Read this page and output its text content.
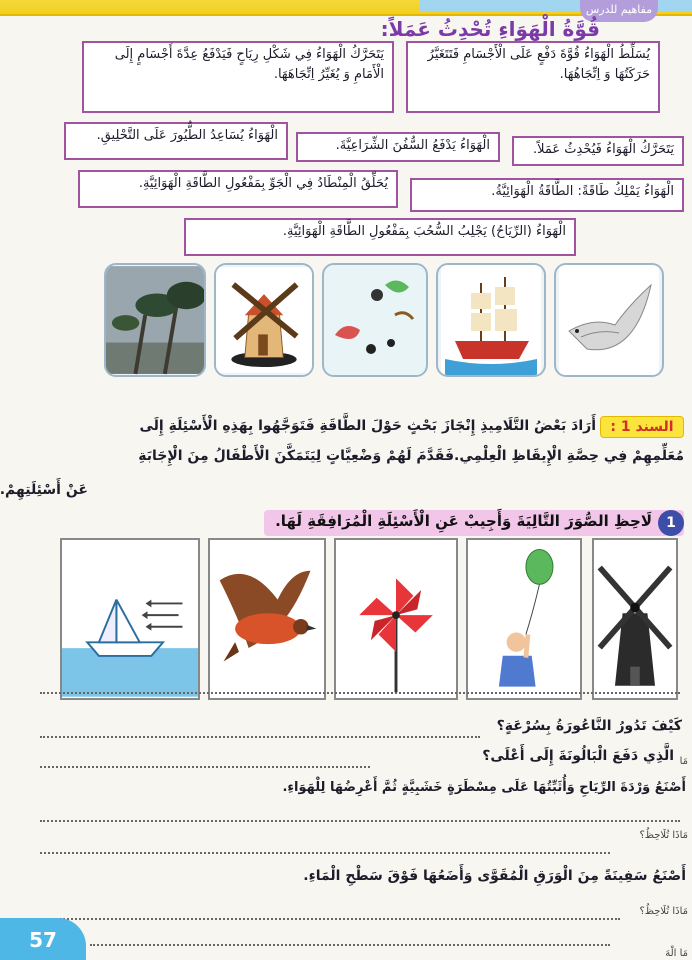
مفاهيم للدرس
قُوَّةُ الْهَوَاءِ تُحْدِثُ عَمَلاً:
يُسَلِّطُ الْهَوَاءُ قُوَّةَ دَفْعٍ عَلَى الْأَجْسَامِ فَتَتَغَيَّرُ حَرَكَتُهَا وَ اِتِّجَاهُهَا.
يَتَحَرَّكُ الْهَوَاءُ فِي شَكْلِ رِيَاحٍ فَيَدْفَعُ عِدَّةَ أَجْسَامٍ إِلَى الْأَمَامِ وَ يُغَيِّرُ اِتِّجَاهَهَا.
يَتَحَرَّكُ الْهَوَاءُ فَيُحْدِثُ عَمَلاً.
الْهَوَاءُ يَدْفَعُ السُّفُنَ الشِّرَاعِيَّةَ.
الْهَوَاءُ يُسَاعِدُ الطُّيُورَ عَلَى التَّحْلِيقِ.
الْهَوَاءُ يَمْلِكُ طَاقَةً: الطَّاقَةُ الْهَوَائِيَّةُ.
يُحَلِّقُ الْمِنْطَادُ فِي الْجَوِّ بِمَفْعُولِ الطَّاقَةِ الْهَوَائِيَّةِ.
الْهَوَاءُ (الرِّيَاحُ) يَجْلِبُ السُّحُبَ بِمَفْعُولِ الطَّاقَةِ الْهَوَائِيَّةِ.
السند 1 :
أَرَادَ بَعْضُ التَّلَامِيذِ إِنْجَازَ بَحْثٍ حَوْلَ الطَّاقَةِ فَتَوَجَّهُوا بِهَذِهِ الْأَسْئِلَةِ إِلَى
مُعَلِّمِهِمْ فِي حِصَّةِ الْإِيقَاظِ الْعِلْمِي.فَقَدَّمَ لَهُمْ وَضْعِيَّاتٍ لِيَتَمَكَّنَ الْأَطْفَالُ مِنَ الْإِجَابَةِ
عَنْ أَسْئِلَتِهِمْ.
1
لَاحِظِ الصُّوَرَ التَّالِيَةَ وَأَجِيبْ عَنِ الْأَسْئِلَةِ الْمُرَافِقَةِ لَهَا.
كَيْفَ تَدُورُ النَّاعُورَةُ بِسُرْعَةٍ؟
مَا
الَّذِي دَفَعَ الْبَالُونَةَ إِلَى أَعْلَى؟
أَصْنَعُ وَرْدَةَ الرِّيَاحِ وَأُثَبِّتُهَا عَلَى مِسْطَرَةٍ خَشَبِيَّةٍ ثُمَّ أَعْرِضُهَا لِلْهَوَاءِ.
مَاذَا تُلَاحِظُ؟
أَصْنَعُ سَفِينَةً مِنَ الْوَرَقِ الْمُقَوَّى وَأَضَعُهَا فَوْقَ سَطْحِ الْمَاءِ.
مَاذَا تُلَاحِظُ؟
مَا الْهَ
57
